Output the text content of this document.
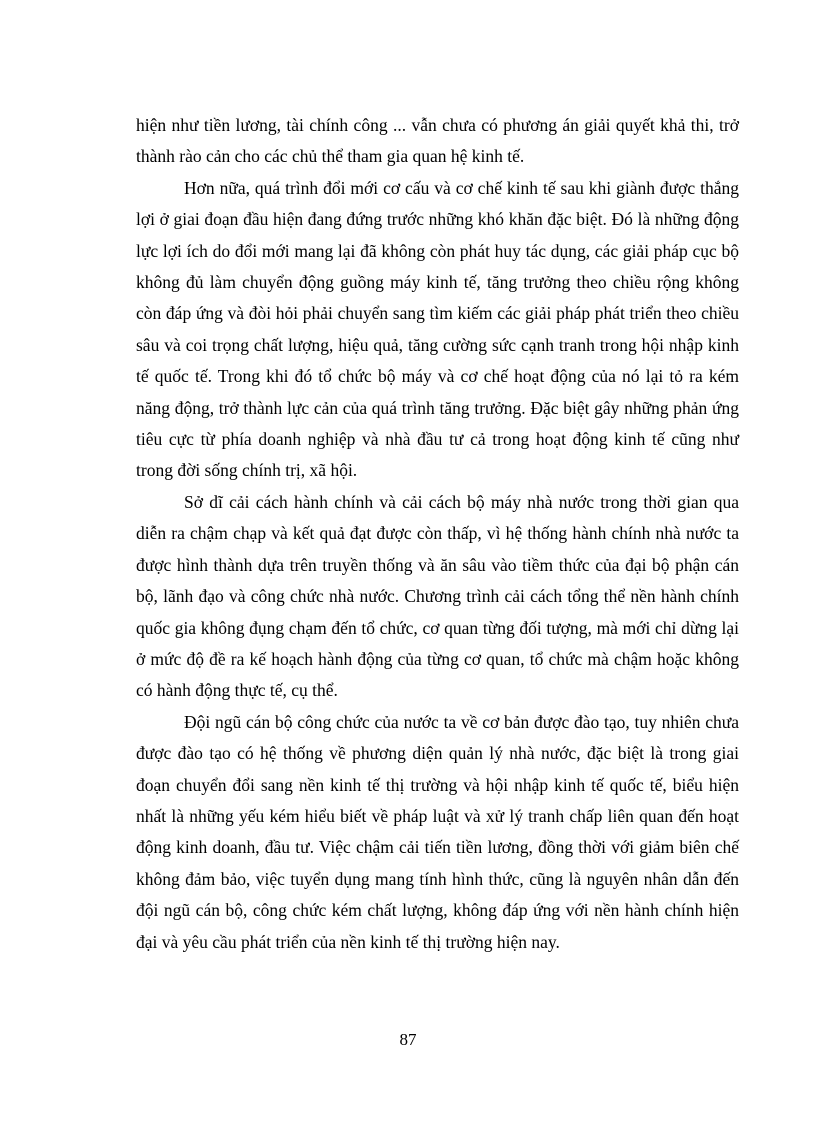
hiện như tiền lương, tài chính công ... vẫn chưa có phương án giải quyết khả thi, trở thành rào cản cho các chủ thể tham gia quan hệ kinh tế.

Hơn nữa, quá trình đổi mới cơ cấu và cơ chế kinh tế sau khi giành được thắng lợi ở giai đoạn đầu hiện đang đứng trước những khó khăn đặc biệt. Đó là những động lực lợi ích do đổi mới mang lại đã không còn phát huy tác dụng, các giải pháp cục bộ không đủ làm chuyển động guồng máy kinh tế, tăng trưởng theo chiều rộng không còn đáp ứng và đòi hỏi phải chuyển sang tìm kiếm các giải pháp phát triển theo chiều sâu và coi trọng chất lượng, hiệu quả, tăng cường sức cạnh tranh trong hội nhập kinh tế quốc tế. Trong khi đó tổ chức bộ máy và cơ chế hoạt động của nó lại tỏ ra kém năng động, trở thành lực cản của quá trình tăng trưởng. Đặc biệt gây những phản ứng tiêu cực từ phía doanh nghiệp và nhà đầu tư cả trong hoạt động kinh tế cũng như trong đời sống chính trị, xã hội.

Sở dĩ cải cách hành chính và cải cách bộ máy nhà nước trong thời gian qua diễn ra chậm chạp và kết quả đạt được còn thấp, vì hệ thống hành chính nhà nước ta được hình thành dựa trên truyền thống và ăn sâu vào tiềm thức của đại bộ phận cán bộ, lãnh đạo và công chức nhà nước. Chương trình cải cách tổng thể nền hành chính quốc gia không đụng chạm đến tổ chức, cơ quan từng đối tượng, mà mới chỉ dừng lại ở mức độ đề ra kế hoạch hành động của từng cơ quan, tổ chức mà chậm hoặc không có hành động thực tế, cụ thể.

Đội ngũ cán bộ công chức của nước ta về cơ bản được đào tạo, tuy nhiên chưa được đào tạo có hệ thống về phương diện quản lý nhà nước, đặc biệt là trong giai đoạn chuyển đổi sang nền kinh tế thị trường và hội nhập kinh tế quốc tế, biểu hiện nhất là những yếu kém hiểu biết về pháp luật và xử lý tranh chấp liên quan đến hoạt động kinh doanh, đầu tư. Việc chậm cải tiến tiền lương, đồng thời với giảm biên chế không đảm bảo, việc tuyển dụng mang tính hình thức, cũng là nguyên nhân dẫn đến đội ngũ cán bộ, công chức kém chất lượng, không đáp ứng với nền hành chính hiện đại và yêu cầu phát triển của nền kinh tế thị trường hiện nay.

87
